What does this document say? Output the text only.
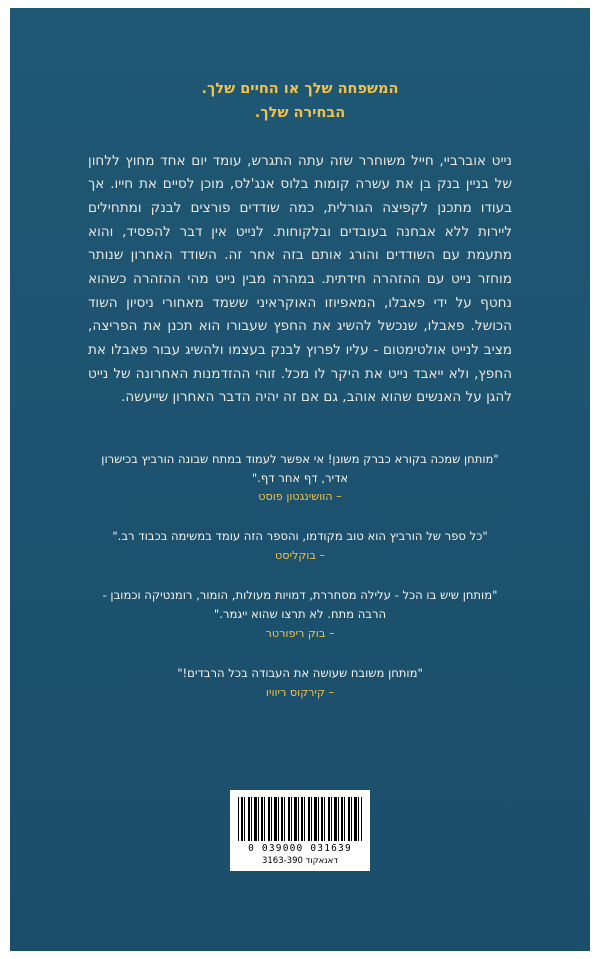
המשפחה שלך או החיים שלך.
הבחירה שלך.
נייט אוברביי, חייל משוחרר שזה עתה התגרש, עומד יום אחד מחוץ ללחון של בניין בנק בן את עשרה קומות בלוס אנג'לס, מוכן לסיים את חייו. אך בעודו מתכנן לקפיצה הגורלית, כמה שודדים פורצים לבנק ומתחילים ליירות ללא אבחנה בעובדים ובלקוחות. לנייט אין דבר להפסיד, והוא מתעמת עם השודדים והורג אותם בזה אחר זה. השודד האחרון שנותר מוחזר נייט עם ההזהרה חידתית. במהרה מבין נייט מהי ההזהרה כשהוא נחטף על ידי פאבלו, המאפיוזו האוקראיני ששמד מאחורי ניסיון השוד הכושל. פאבלו, שנכשל להשיג את החפץ שעבורו הוא תכנן את הפריצה, מציב לנייט אולטימטום - עליו לפרוץ לבנק בעצמו ולהשיג עבור פאבלו את החפץ, ולא ייאבד נייט את היקר לו מכל. זוהי ההזדמנות האחרונה של נייט להגן על האנשים שהוא אוהב, גם אם זה יהיה הדבר האחרון שייעשה.
"מותחן שמכה בקורא כברק משונן! אי אפשר לעמוד במתח שבונה הורביץ בכישרון אדיר, דף אחר דף."
– הוושינגטון פוסט
"כל ספר של הורביץ הוא טוב מקודמו, והספר הזה עומד במשימה בכבוד רב."
– בוקליסט
"מותחן שיש בו הכל - עלילה מסחררת, דמויות מעולות, הומור, רומנטיקה וכמובן - הרבה מתח. לא תרצו שהוא ייגמר."
– בוק ריפורטר
"מותחן משובח שעושה את העבודה בכל הרבדים!"
– קירקוס ריוויו
0 039000 031639
דאנאקוד 3163-390
